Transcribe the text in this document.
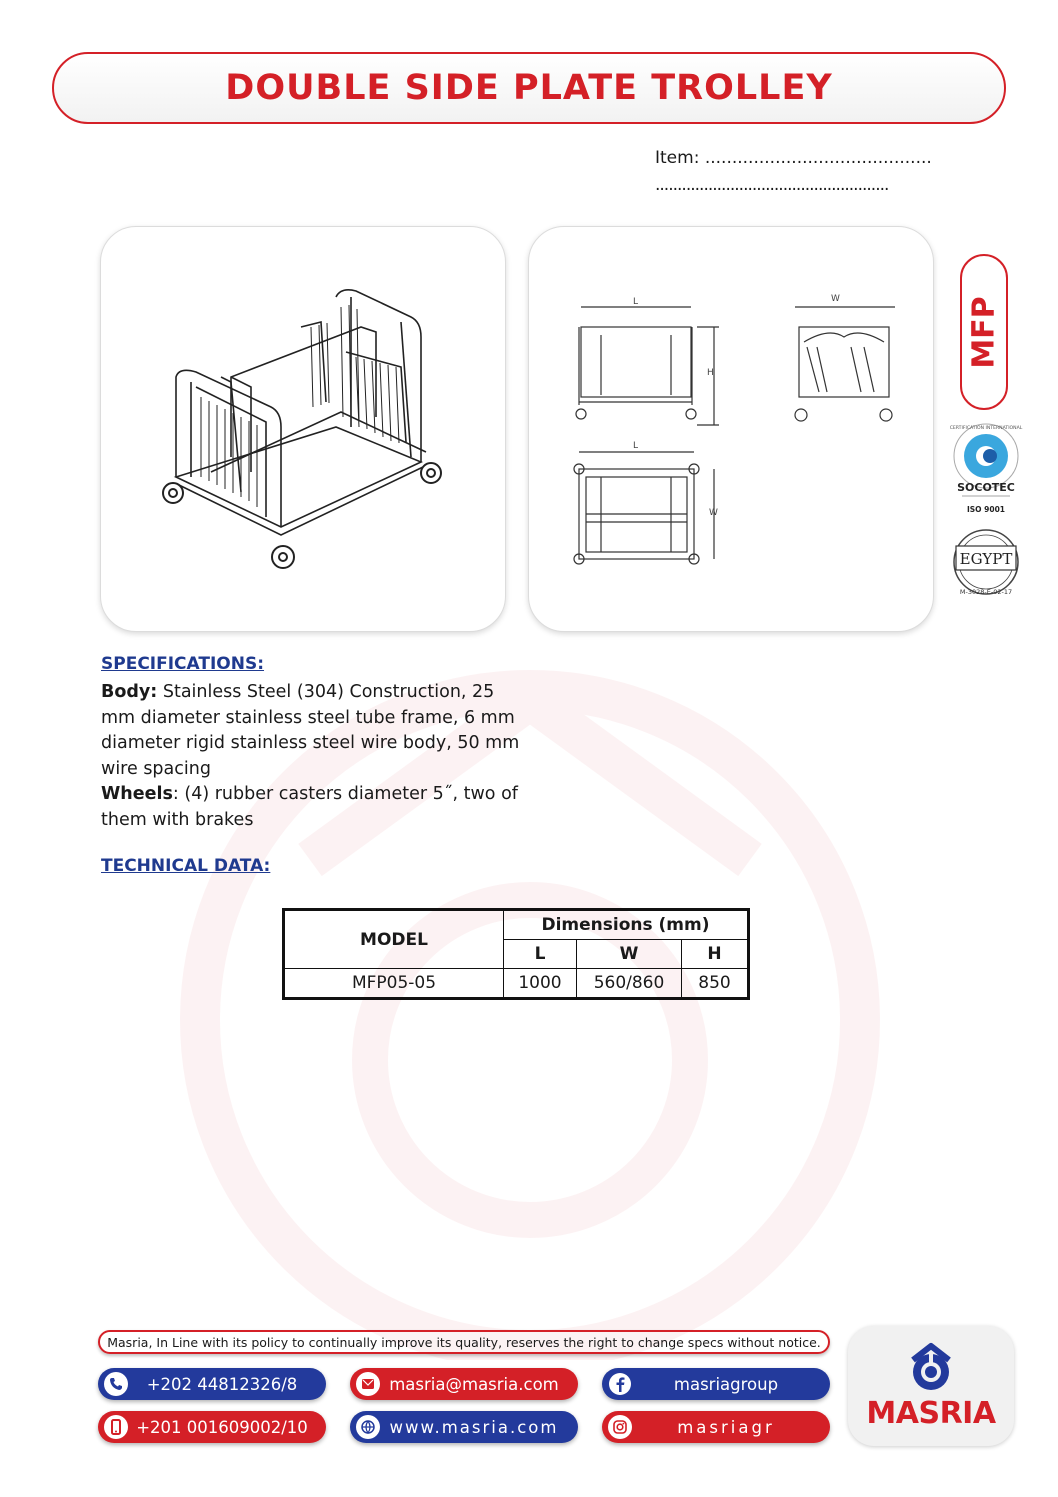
DOUBLE SIDE PLATE TROLLEY
Item: ..........................................
.....................................................
L
H
W
L
W
MFP
CERTIFICATION INTERNATIONAL
SOCOTEC
ISO 9001
EGYPT
M-3028-E-02-17
SPECIFICATIONS:
Body: Stainless Steel (304) Construction, 25 mm diameter stainless steel tube frame, 6 mm diameter rigid stainless steel wire body, 50 mm wire spacing
Wheels: (4) rubber casters diameter 5˝, two of them with brakes
TECHNICAL DATA:
MODEL	Dimensions (mm)		
	L	W	H
MFP05-05	1000	560/860	850
Masria, In Line with its policy to continually improve its quality, reserves the right to change specs without notice.
+202 44812326/8
+201 001609002/10
masria@masria.com
www.masria.com
masriagroup
masriagr	MASRIA
